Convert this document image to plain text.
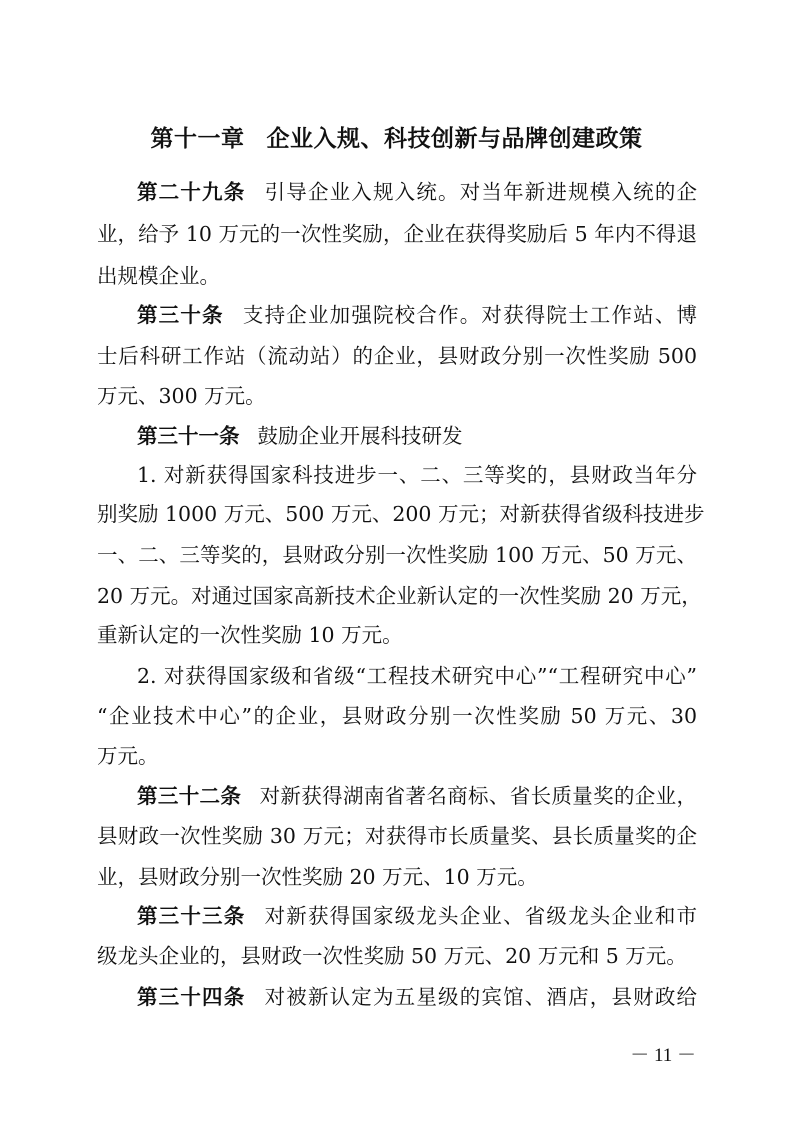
第十一章 企业入规、科技创新与品牌创建政策
第二十九条 引导企业入规入统。对当年新进规模入统的企
业，给予 10 万元的一次性奖励，企业在获得奖励后 5 年内不得退
出规模企业。
第三十条 支持企业加强院校合作。对获得院士工作站、博
士后科研工作站（流动站）的企业，县财政分别一次性奖励 500
万元、300 万元。
第三十一条 鼓励企业开展科技研发
1. 对新获得国家科技进步一、二、三等奖的，县财政当年分
别奖励 1000 万元、500 万元、200 万元；对新获得省级科技进步
一、二、三等奖的，县财政分别一次性奖励 100 万元、50 万元、
20 万元。对通过国家高新技术企业新认定的一次性奖励 20 万元，
重新认定的一次性奖励 10 万元。
2. 对获得国家级和省级“工程技术研究中心”“工程研究中心”
“企业技术中心”的企业，县财政分别一次性奖励 50 万元、30
万元。
第三十二条 对新获得湖南省著名商标、省长质量奖的企业，
县财政一次性奖励 30 万元；对获得市长质量奖、县长质量奖的企
业，县财政分别一次性奖励 20 万元、10 万元。
第三十三条 对新获得国家级龙头企业、省级龙头企业和市
级龙头企业的，县财政一次性奖励 50 万元、20 万元和 5 万元。
第三十四条 对被新认定为五星级的宾馆、酒店，县财政给
－ 11 －
